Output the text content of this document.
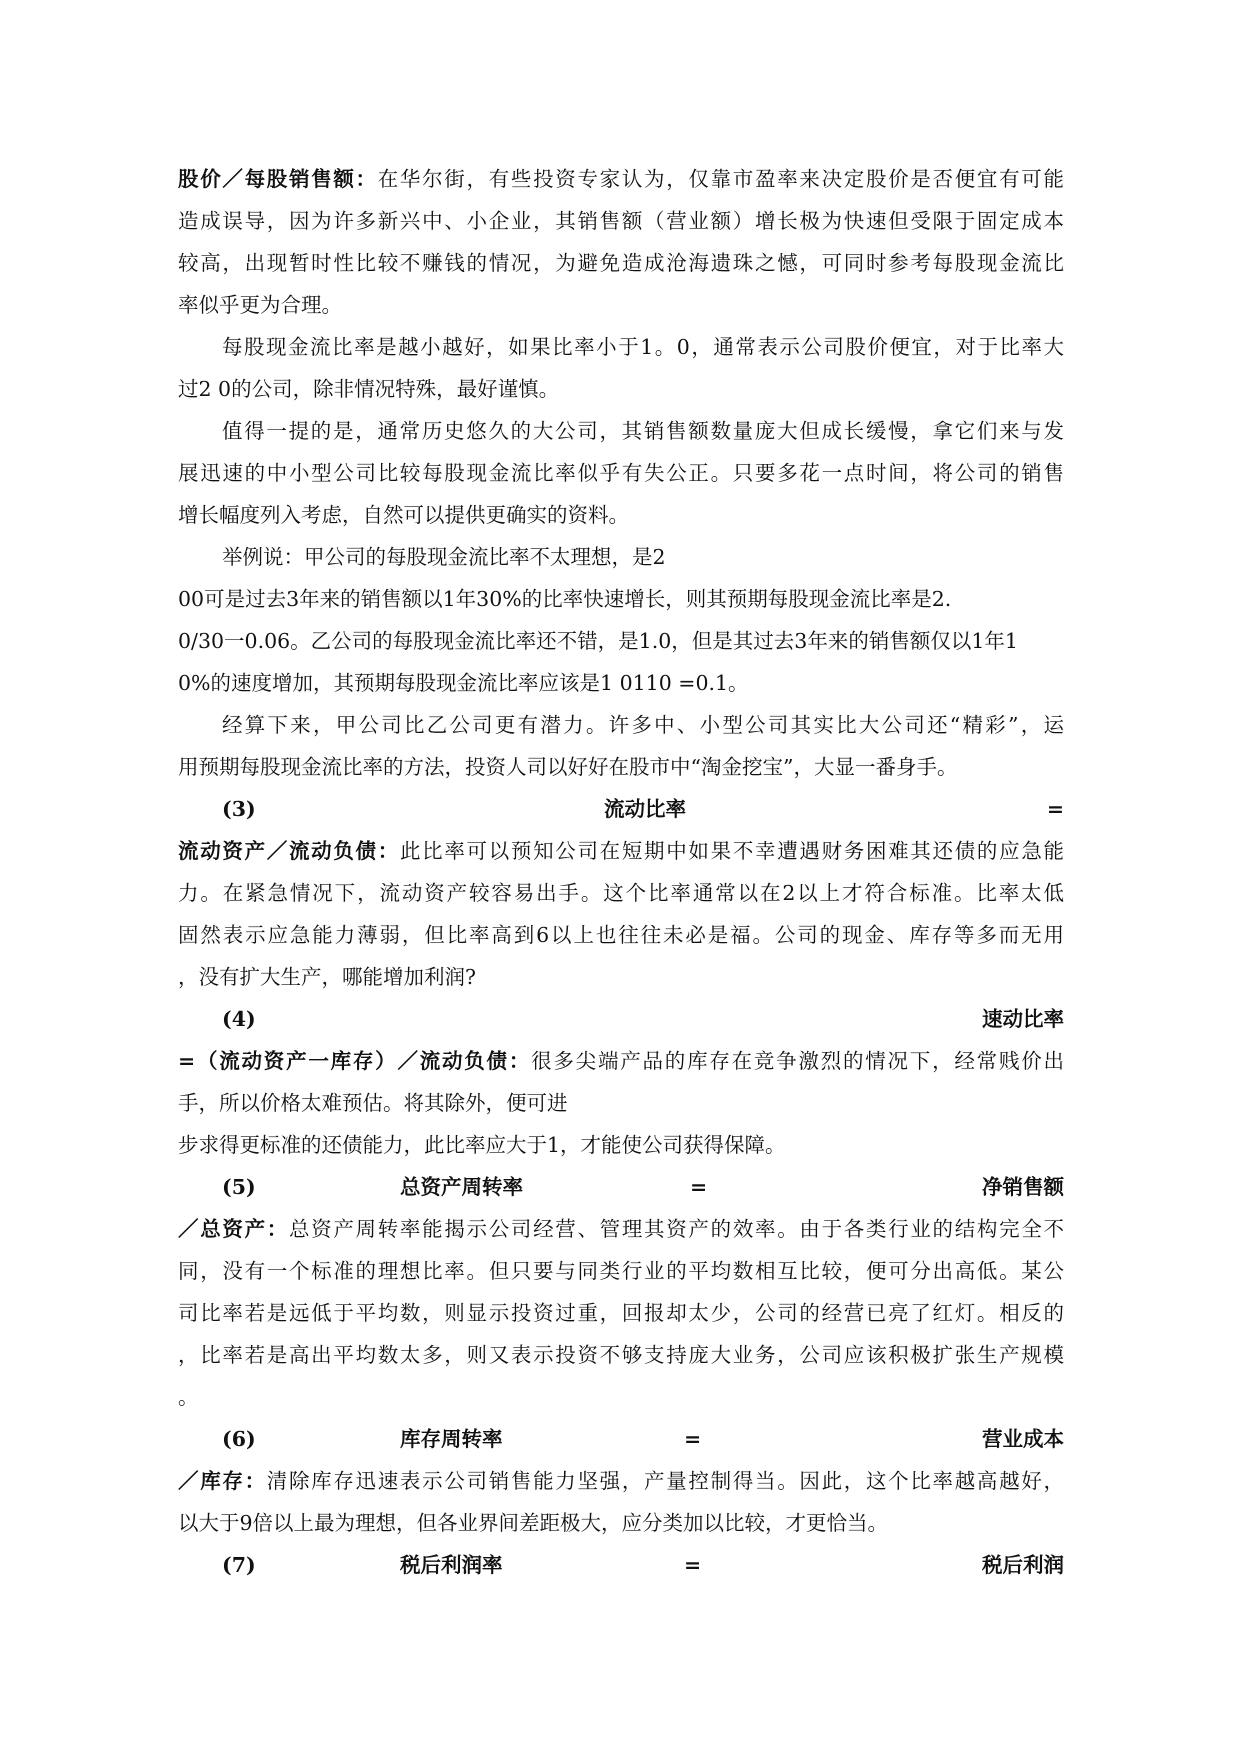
股价／每股销售额：在华尔街，有些投资专家认为，仅靠市盈率来决定股价是否便宜有可能
造成误导，因为许多新兴中、小企业，其销售额（营业额）增长极为快速但受限于固定成本
较高，出现暂时性比较不赚钱的情况，为避免造成沧海遗珠之憾，可同时参考每股现金流比
率似乎更为合理。
每股现金流比率是越小越好，如果比率小于1。0，通常表示公司股价便宜，对于比率大
过2 0的公司，除非情况特殊，最好谨慎。
值得一提的是，通常历史悠久的大公司，其销售额数量庞大但成长缓慢，拿它们来与发
展迅速的中小型公司比较每股现金流比率似乎有失公正。只要多花一点时间，将公司的销售
增长幅度列入考虑，自然可以提供更确实的资料。
举例说：甲公司的每股现金流比率不太理想，是2
00可是过去3年来的销售额以1年30%的比率快速增长，则其预期每股现金流比率是2.
0/30一0.06。乙公司的每股现金流比率还不错，是1.0，但是其过去3年来的销售额仅以1年1
0%的速度增加，其预期每股现金流比率应该是1 0110 =0.1。
经算下来，甲公司比乙公司更有潜力。许多中、小型公司其实比大公司还“精彩”，运
用预期每股现金流比率的方法，投资人司以好好在股市中“淘金挖宝”，大显一番身手。
(3)	流动比率	=
流动资产／流动负债：此比率可以预知公司在短期中如果不幸遭遇财务困难其还债的应急能
力。在紧急情况下，流动资产较容易出手。这个比率通常以在2以上才符合标准。比率太低
固然表示应急能力薄弱，但比率高到6以上也往往未必是福。公司的现金、库存等多而无用
，没有扩大生产，哪能增加利润?
(4)	速动比率
=（流动资产一库存）／流动负债：很多尖端产品的库存在竞争激烈的情况下，经常贱价出
手，所以价格太难预估。将其除外，便可进
步求得更标准的还债能力，此比率应大于1，才能使公司获得保障。
(5)	总资产周转率	=	净销售额
／总资产：总资产周转率能揭示公司经营、管理其资产的效率。由于各类行业的结构完全不
同，没有一个标准的理想比率。但只要与同类行业的平均数相互比较，便可分出高低。某公
司比率若是远低于平均数，则显示投资过重，回报却太少，公司的经营已亮了红灯。相反的
，比率若是高出平均数太多，则又表示投资不够支持庞大业务，公司应该积极扩张生产规模
。
(6)	库存周转率	=	营业成本
／库存：清除库存迅速表示公司销售能力坚强，产量控制得当。因此，这个比率越高越好，
以大于9倍以上最为理想，但各业界间差距极大，应分类加以比较，才更恰当。
(7)	税后利润率	=	税后利润
